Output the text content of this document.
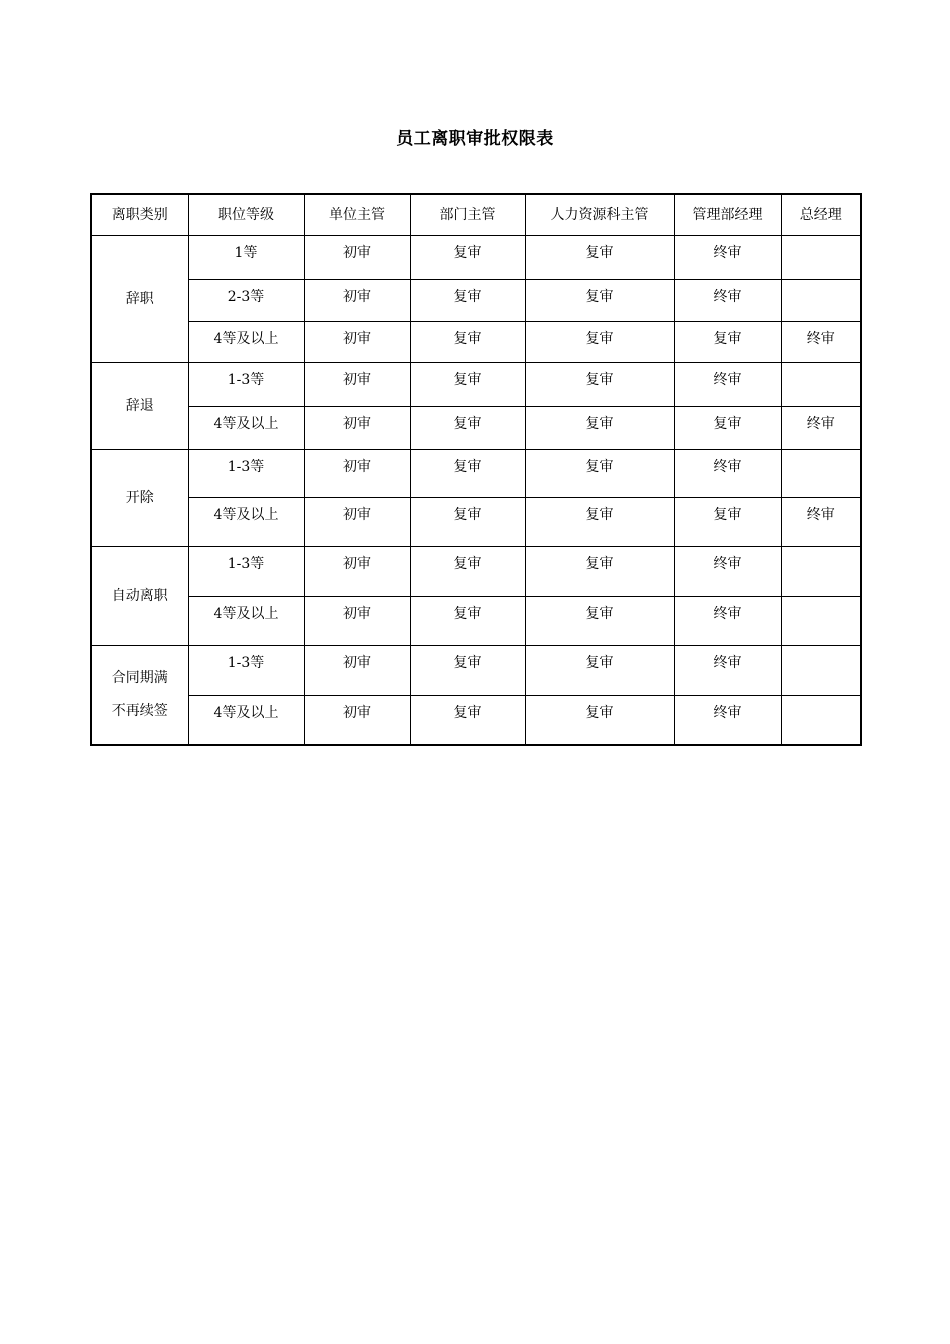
员工离职审批权限表
离职类别	职位等级	单位主管	部门主管	人力资源科主管	管理部经理	总经理

辞职	1等	初审	复审	复审	终审	
	2-3等	初审	复审	复审	终审	
	4等及以上	初审	复审	复审	复审	终审

辞退	1-3等	初审	复审	复审	终审	
	4等及以上	初审	复审	复审	复审	终审

开除	1-3等	初审	复审	复审	终审	
	4等及以上	初审	复审	复审	复审	终审

自动离职	1-3等	初审	复审	复审	终审	
	4等及以上	初审	复审	复审	终审	

合同期满
不再续签	1-3等	初审	复审	复审	终审	
	4等及以上	初审	复审	复审	终审	
